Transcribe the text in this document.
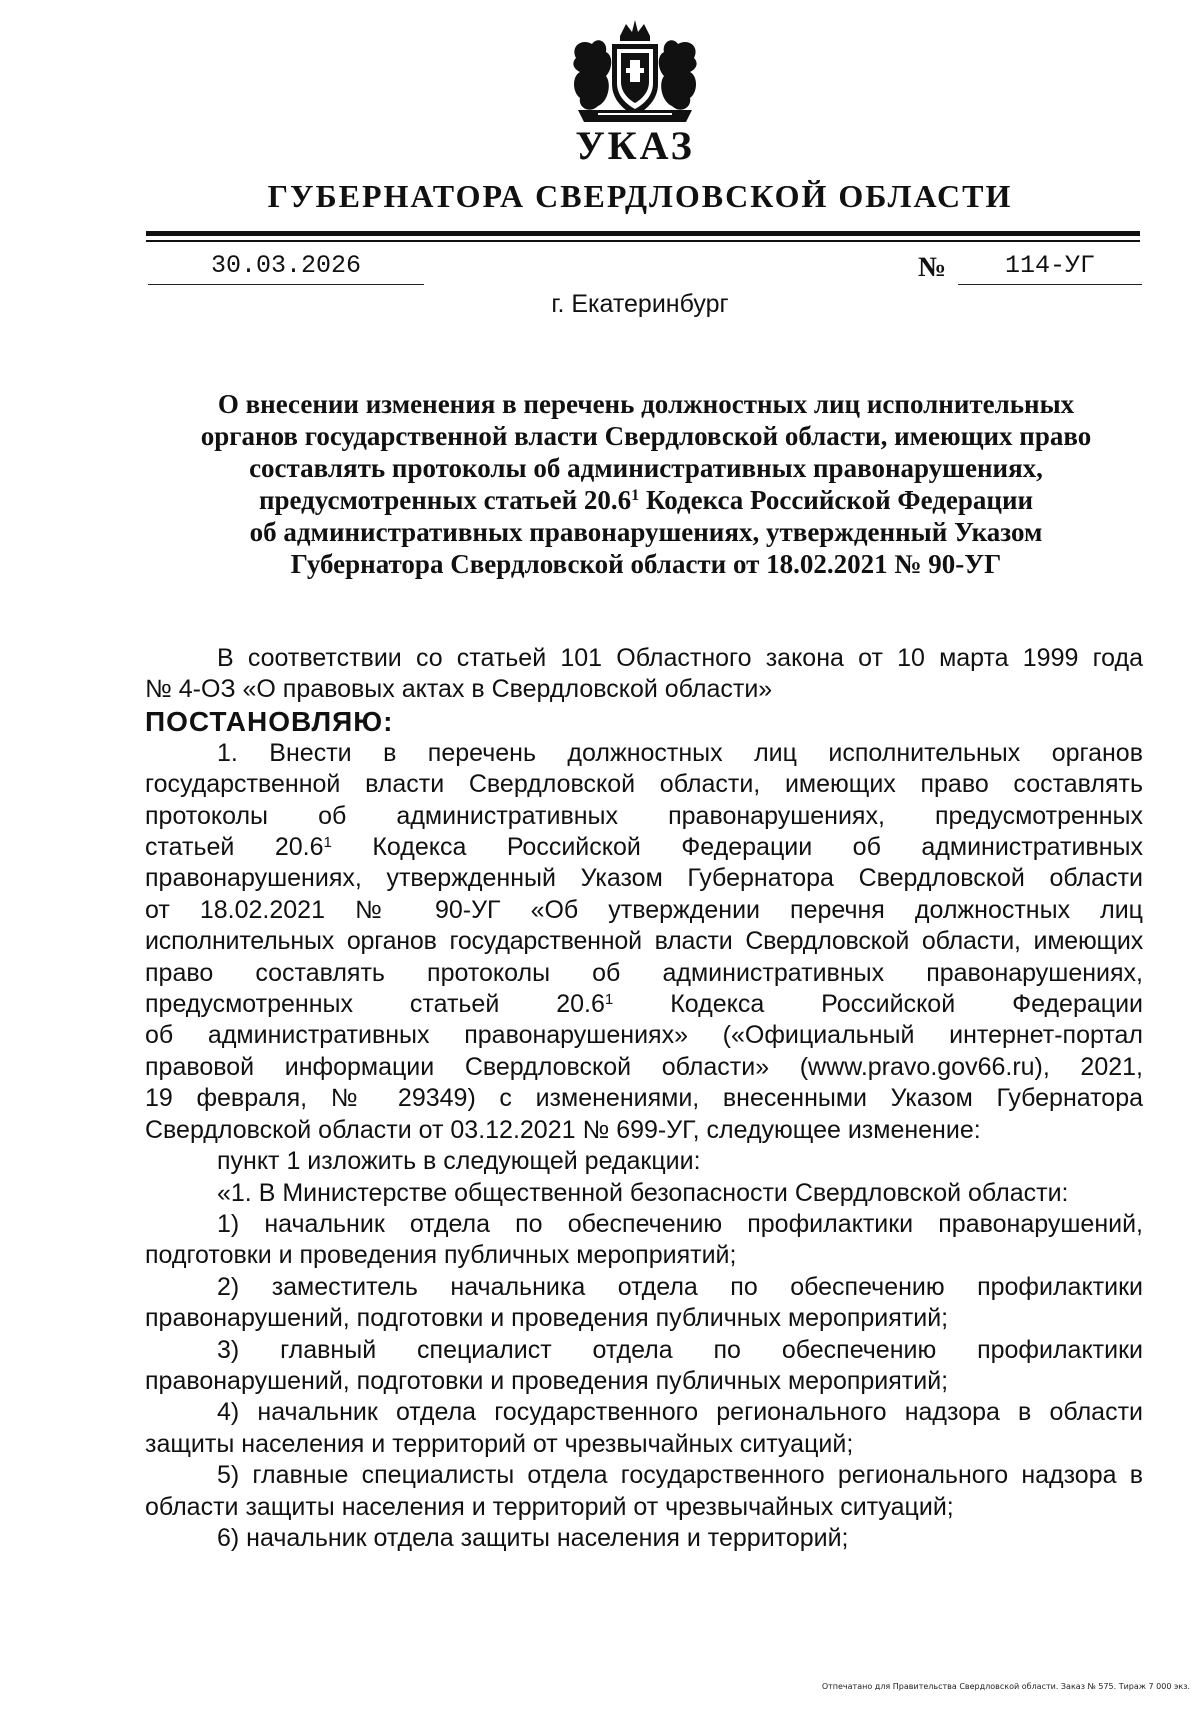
УКАЗ
ГУБЕРНАТОРА СВЕРДЛОВСКОЙ ОБЛАСТИ
30.03.2026	№	114-УГ
г. Екатеринбург
О внесении изменения в перечень должностных лиц исполнительных
органов государственной власти Свердловской области, имеющих право
составлять протоколы об административных правонарушениях,
предусмотренных статьей 20.6$^1$ Кодекса Российской Федерации
об административных правонарушениях, утвержденный Указом
Губернатора Свердловской области от 18.02.2021 № 90-УГ
В соответствии со статьей 101 Областного закона от 10 марта 1999 года
№ 4-ОЗ «О правовых актах в Свердловской области»
ПОСТАНОВЛЯЮ:
1. Внести в перечень должностных лиц исполнительных органов
государственной власти Свердловской области, имеющих право составлять
протоколы об административных правонарушениях, предусмотренных
статьей 20.6$^1$ Кодекса Российской Федерации об административных
правонарушениях, утвержденный Указом Губернатора Свердловской области
от 18.02.2021 № 90-УГ «Об утверждении перечня должностных лиц
исполнительных органов государственной власти Свердловской области, имеющих
право составлять протоколы об административных правонарушениях,
предусмотренных статьей 20.6$^1$ Кодекса Российской Федерации
об административных правонарушениях» («Официальный интернет-портал
правовой информации Свердловской области» (www.pravo.gov66.ru), 2021,
19 февраля, № 29349) с изменениями, внесенными Указом Губернатора
Свердловской области от 03.12.2021 № 699-УГ, следующее изменение:
пункт 1 изложить в следующей редакции:
«1. В Министерстве общественной безопасности Свердловской области:
1) начальник отдела по обеспечению профилактики правонарушений,
подготовки и проведения публичных мероприятий;
2) заместитель начальника отдела по обеспечению профилактики
правонарушений, подготовки и проведения публичных мероприятий;
3) главный специалист отдела по обеспечению профилактики
правонарушений, подготовки и проведения публичных мероприятий;
4) начальник отдела государственного регионального надзора в области
защиты населения и территорий от чрезвычайных ситуаций;
5) главные специалисты отдела государственного регионального надзора в
области защиты населения и территорий от чрезвычайных ситуаций;
6) начальник отдела защиты населения и территорий;
Отпечатано для Правительства Свердловской области. Заказ № 575. Тираж 7 000 экз.
